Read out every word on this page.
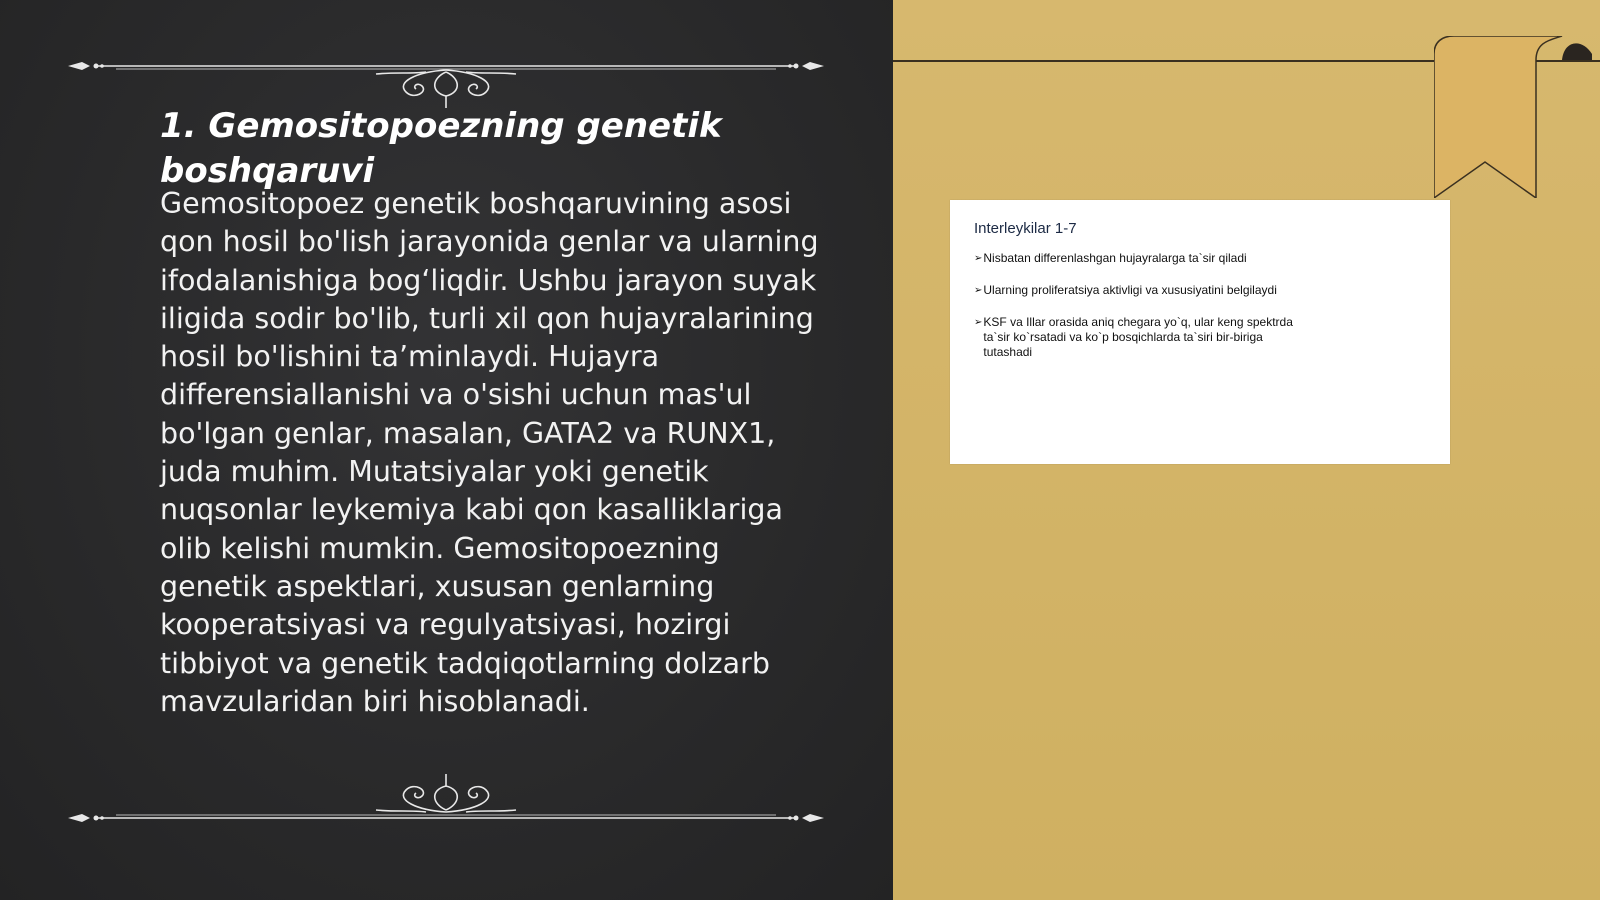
1. Gemositopoezning genetik boshqaruvi

Gemositopoez genetik boshqaruvining asosi qon hosil bo'lish jarayonida genlar va ularning ifodalanishiga bog‘liqdir. Ushbu jarayon suyak iligida sodir bo'lib, turli xil qon hujayralarining hosil bo'lishini ta’minlaydi. Hujayra differensiallanishi va o'sishi uchun mas'ul bo'lgan genlar, masalan, GATA2 va RUNX1, juda muhim. Mutatsiyalar yoki genetik nuqsonlar leykemiya kabi qon kasalliklariga olib kelishi mumkin. Gemositopoezning genetik aspektlari, xususan genlarning kooperatsiyasi va regulyatsiyasi, hozirgi tibbiyot va genetik tadqiqotlarning dolzarb mavzularidan biri hisoblanadi.

Interleykilar 1-7
➢ Nisbatan differenlashgan hujayralarga ta`sir qiladi
➢ Ularning proliferatsiya aktivligi va xususiyatini belgilaydi
➢ KSF va Illar orasida aniq chegara yo`q, ular keng spektrda ta`sir ko`rsatadi va ko`p bosqichlarda ta`siri bir-biriga tutashadi
